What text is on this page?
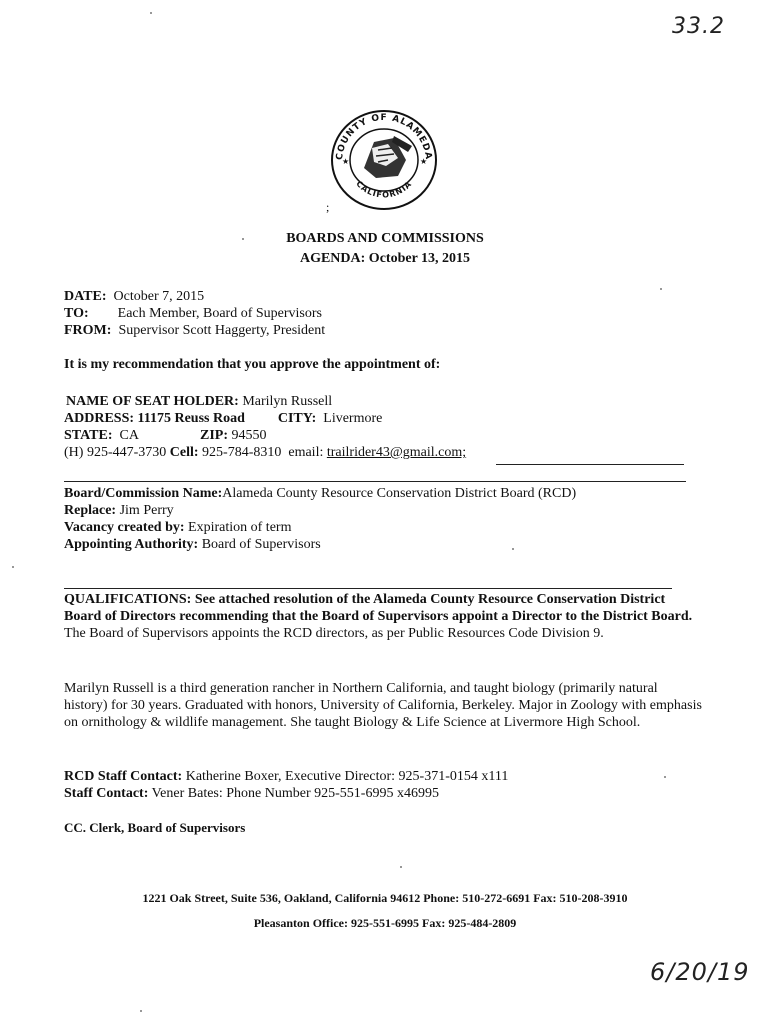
33.2
COUNTY OF ALAMEDA
CALIFORNIA
★	★
;
BOARDS AND COMMISSIONS
AGENDA: October 13, 2015
DATE: October 7, 2015
TO: Each Member, Board of Supervisors
FROM: Supervisor Scott Haggerty, President
It is my recommendation that you approve the appointment of:
NAME OF SEAT HOLDER: Marilyn Russell
ADDRESS: 11175 Reuss Road CITY: Livermore
STATE: CA	ZIP: 94550
(H) 925-447-3730 Cell: 925-784-8310 email: trailrider43@gmail.com;
Board/Commission Name:Alameda County Resource Conservation District Board (RCD)
Replace: Jim Perry
Vacancy created by: Expiration of term
Appointing Authority: Board of Supervisors
QUALIFICATIONS: See attached resolution of the Alameda County Resource Conservation District Board of Directors recommending that the Board of Supervisors appoint a Director to the District Board. The Board of Supervisors appoints the RCD directors, as per Public Resources Code Division 9.
Marilyn Russell is a third generation rancher in Northern California, and taught biology (primarily natural history) for 30 years. Graduated with honors, University of California, Berkeley. Major in Zoology with emphasis on ornithology & wildlife management. She taught Biology & Life Science at Livermore High School.
RCD Staff Contact: Katherine Boxer, Executive Director: 925-371-0154 x111
Staff Contact: Vener Bates: Phone Number 925-551-6995 x46995
CC. Clerk, Board of Supervisors
1221 Oak Street, Suite 536, Oakland, California 94612 Phone: 510-272-6691 Fax: 510-208-3910
Pleasanton Office: 925-551-6995 Fax: 925-484-2809
6/20/19
